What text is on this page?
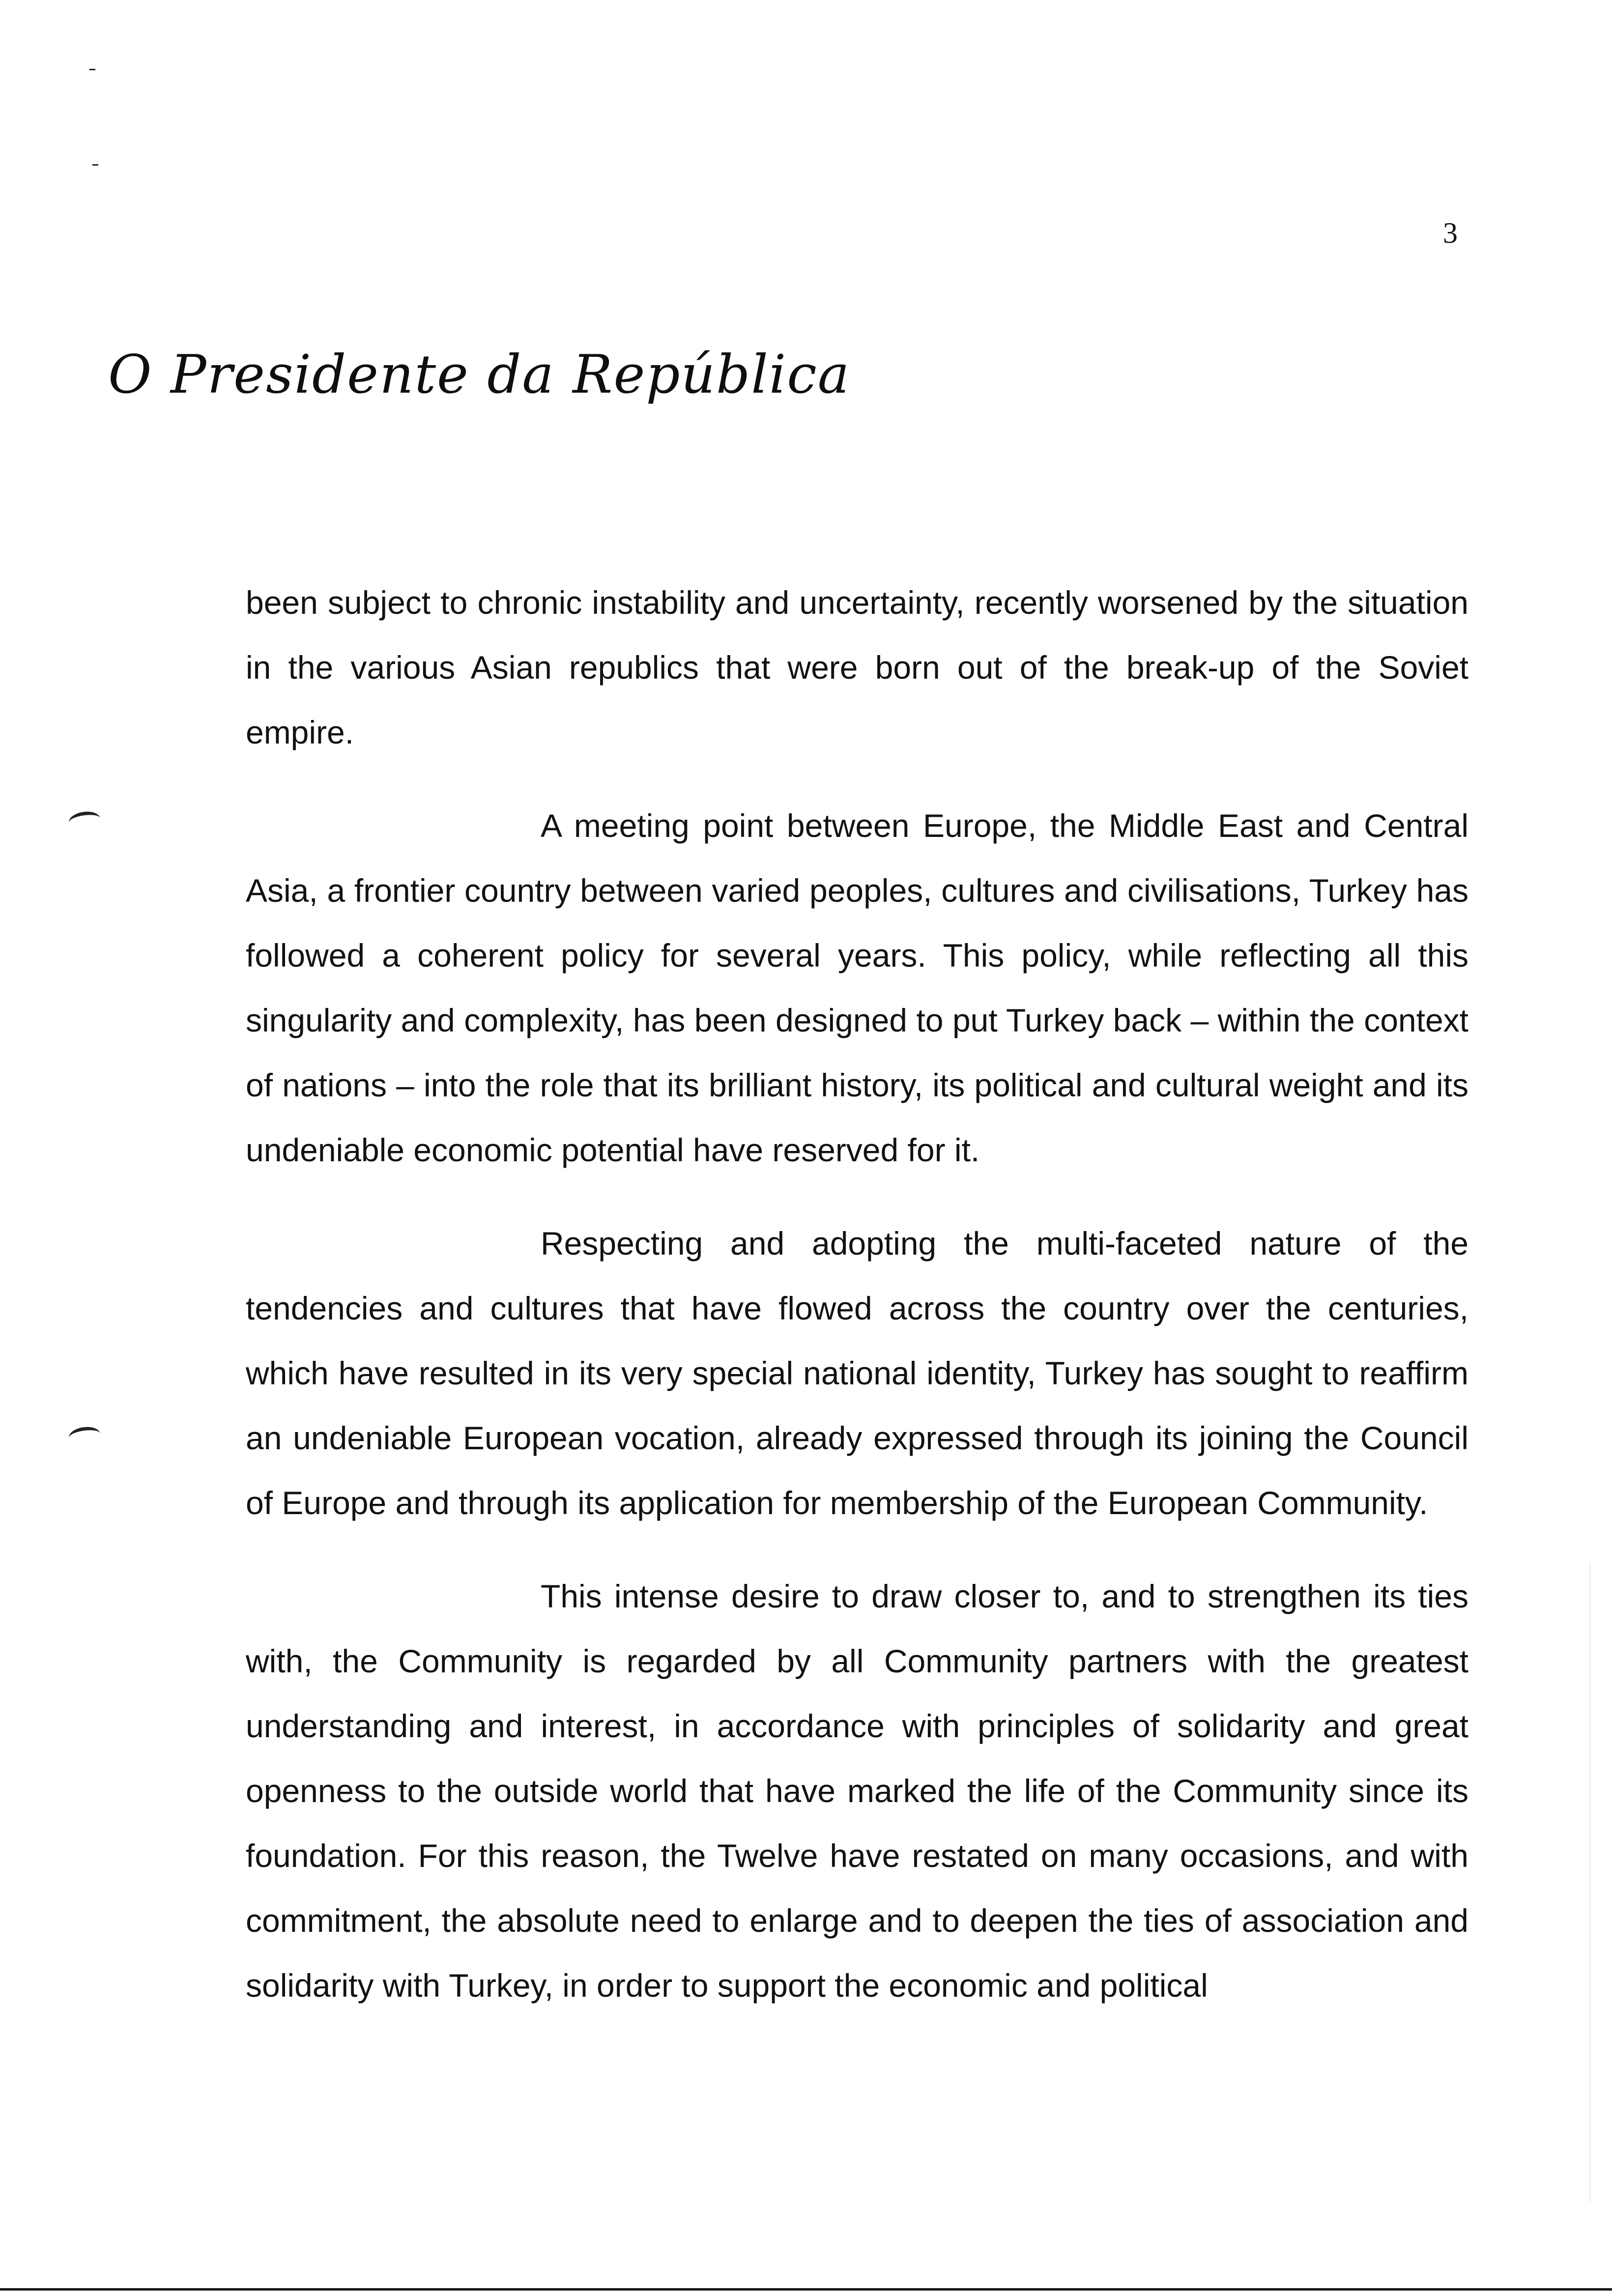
3
O Presidente da República

been subject to chronic instability and uncertainty, recently worsened by the situation in the various Asian republics that were born out of the break-up of the Soviet empire.

A meeting point between Europe, the Middle East and Central Asia, a frontier country between varied peoples, cultures and civilisations, Turkey has followed a coherent policy for several years. This policy, while reflecting all this singularity and complexity, has been designed to put Turkey back – within the context of nations – into the role that its brilliant history, its political and cultural weight and its undeniable economic potential have reserved for it.

Respecting and adopting the multi-faceted nature of the tendencies and cultures that have flowed across the country over the centuries, which have resulted in its very special national identity, Turkey has sought to reaffirm an undeniable European vocation, already expressed through its joining the Council of Europe and through its application for membership of the European Community.

This intense desire to draw closer to, and to strengthen its ties with, the Community is regarded by all Community partners with the greatest understanding and interest, in accordance with principles of solidarity and great openness to the outside world that have marked the life of the Community since its foundation. For this reason, the Twelve have restated on many occasions, and with commitment, the absolute need to enlarge and to deepen the ties of association and solidarity with Turkey, in order to support the economic and political
